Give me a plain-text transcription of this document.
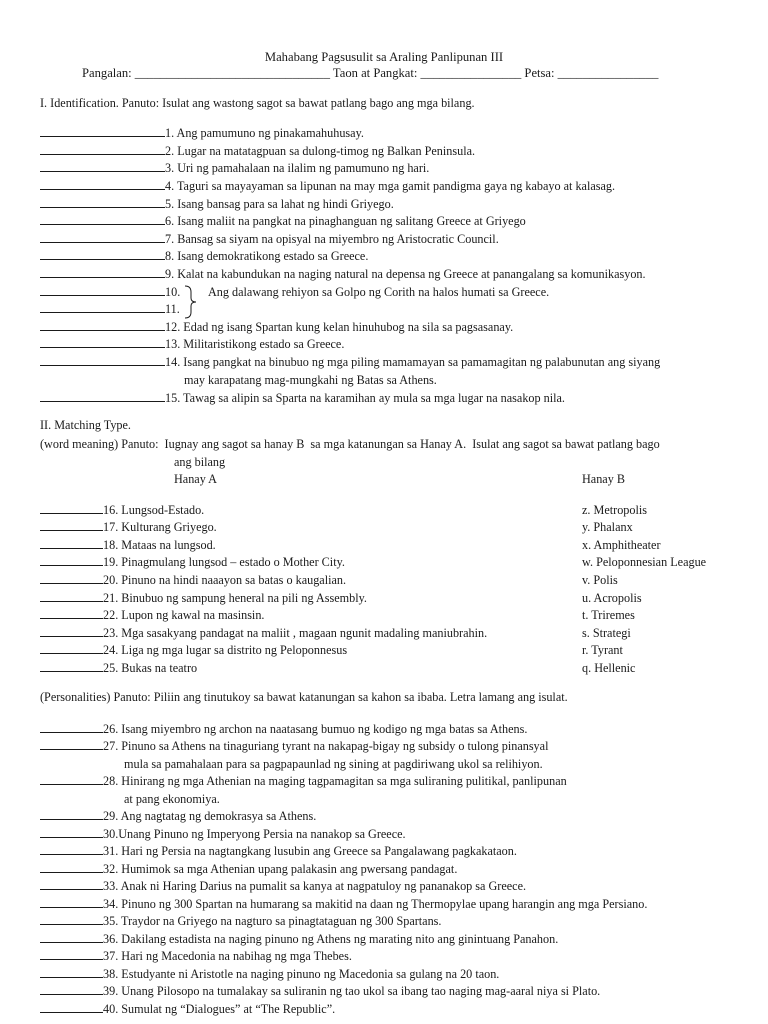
Mahabang Pagsusulit sa Araling Panlipunan III
Pangalan: _______________________________ Taon at Pangkat: ________________ Petsa: ________________
I. Identification. Panuto: Isulat ang wastong sagot sa bawat patlang bago ang mga bilang.
1. Ang pamumuno ng pinakamahuhusay.
2. Lugar na matatagpuan sa dulong-timog ng Balkan Peninsula.
3. Uri ng pamahalaan na ilalim ng pamumuno ng hari.
4. Taguri sa mayayaman sa lipunan na may mga gamit pandigma gaya ng kabayo at kalasag.
5. Isang bansag para sa lahat ng hindi Griyego.
6. Isang maliit na pangkat na pinaghanguan ng salitang Greece at Griyego
7. Bansag sa siyam na opisyal na miyembro ng Aristocratic Council.
8. Isang demokratikong estado sa Greece.
9. Kalat na kabundukan na naging natural na depensa ng Greece at panangalang sa komunikasyon.
10.
11.
12. Edad ng isang Spartan kung kelan hinuhubog na sila sa pagsasanay.
13. Militaristikong estado sa Greece.
14. Isang pangkat na binubuo ng mga piling mamamayan sa pamamagitan ng palabunutan ang siyang
15. Tawag sa alipin sa Sparta na karamihan ay mula sa mga lugar na nasakop nila.
may karapatang mag-mungkahi ng Batas sa Athens.
Ang dalawang rehiyon sa Golpo ng Corith na halos humati sa Greece.
II. Matching Type.
(word meaning) Panuto:  Iugnay ang sagot sa hanay B  sa mga katanungan sa Hanay A.  Isulat ang sagot sa bawat patlang bago
ang bilang
Hanay A	Hanay B
16. Lungsod-Estado.
17. Kulturang Griyego.
18. Mataas na lungsod.
19. Pinagmulang lungsod – estado o Mother City.
20. Pinuno na hindi naaayon sa batas o kaugalian.
21. Binubuo ng sampung heneral na pili ng Assembly.
22. Lupon ng kawal na masinsin.
23. Mga sasakyang pandagat na maliit , magaan ngunit madaling maniubrahin.
24. Liga ng mga lugar sa distrito ng Peloponnesus
25. Bukas na teatro
z. Metropolis
y. Phalanx
x. Amphitheater
w. Peloponnesian League
v. Polis
u. Acropolis
t. Triremes
s. Strategi
r. Tyrant
q. Hellenic
(Personalities) Panuto: Piliin ang tinutukoy sa bawat katanungan sa kahon sa ibaba. Letra lamang ang isulat.
26. Isang miyembro ng archon na naatasang bumuo ng kodigo ng mga batas sa Athens.
27. Pinuno sa Athens na tinaguriang tyrant na nakapag-bigay ng subsidy o tulong pinansyal
28. Hinirang ng mga Athenian na maging tagpamagitan sa mga suliraning pulitikal, panlipunan
29. Ang nagtatag ng demokrasya sa Athens.
30.Unang Pinuno ng Imperyong Persia na nanakop sa Greece.
31. Hari ng Persia na nagtangkang lusubin ang Greece sa Pangalawang pagkakataon.
32. Humimok sa mga Athenian upang palakasin ang pwersang pandagat.
33. Anak ni Haring Darius na pumalit sa kanya at nagpatuloy ng pananakop sa Greece.
34. Pinuno ng 300 Spartan na humarang sa makitid na daan ng Thermopylae upang harangin ang mga Persiano.
35. Traydor na Griyego na nagturo sa pinagtataguan ng 300 Spartans.
36. Dakilang estadista na naging pinuno ng Athens ng marating nito ang ginintuang Panahon.
37. Hari ng Macedonia na nabihag ng mga Thebes.
38. Estudyante ni Aristotle na naging pinuno ng Macedonia sa gulang na 20 taon.
39. Unang Pilosopo na tumalakay sa suliranin ng tao ukol sa ibang tao naging mag-aaral niya si Plato.
40. Sumulat ng “Dialogues” at “The Republic”.
mula sa pamahalaan para sa pagpapaunlad ng sining at pagdiriwang ukol sa relihiyon.
at pang ekonomiya.
